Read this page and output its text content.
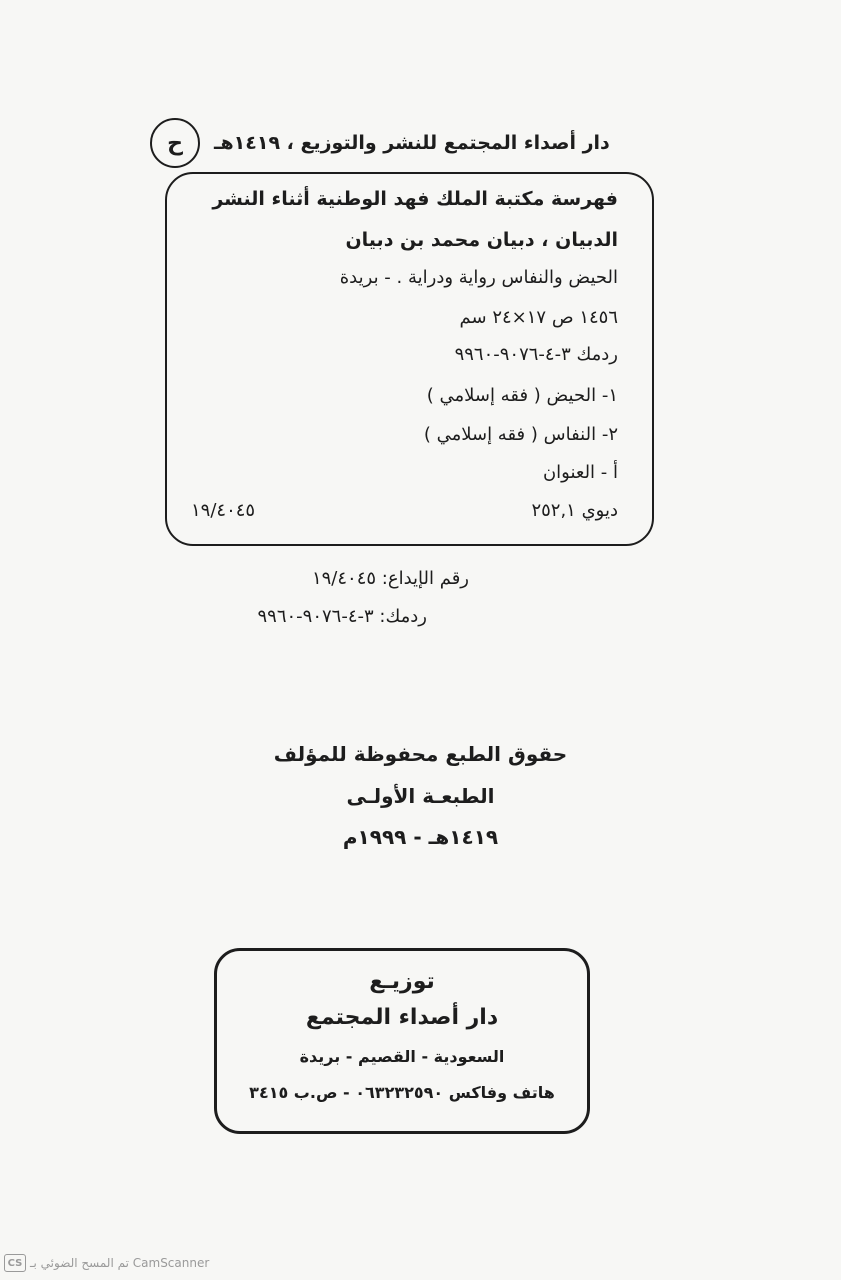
ح	دار أصداء المجتمع للنشر والتوزيع ، ١٤١٩هـ
فهرسة مكتبة الملك فهد الوطنية أثناء النشر
الدبيان ، دبيان محمد بن دبيان
الحيض والنفاس رواية ودراية . - بريدة
١٤٥٦ ص ١٧×٢٤ سم
ردمك ٣-٤-٩٠٧٦-٩٩٦٠
١- الحيض ( فقه إسلامي )
٢- النفاس ( فقه إسلامي )
أ - العنوان
ديوي ٢٥٢,١
١٩/٤٠٤٥
رقم الإيداع: ١٩/٤٠٤٥
ردمك: ٣-٤-٩٠٧٦-٩٩٦٠
حقوق الطبع محفوظة للمؤلف
الطبعـة الأولـى
١٤١٩هـ - ١٩٩٩م
توزيـع
دار أصداء المجتمع
السعودية - القصيم - بريدة
هاتف وفاكس ٠٦٣٢٣٢٥٩٠ - ص.ب ٣٤١٥
CS تم المسح الضوئي بـ CamScanner
